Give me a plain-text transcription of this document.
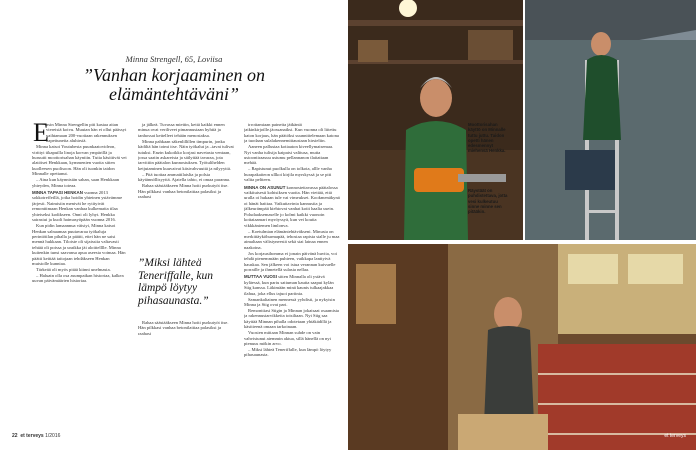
Minna Strengell, 65, Loviisa
”Vanhan korjaaminen on elämäntehtäväni”
E

nsin Minna Strengellin piti kastaa aitan viereisiä koivu. Muutan hän ei ollut päässyt vaihtamaan 200-vuotiaan rakennuksen hapettuneita aluhirsiä.

Minna katsoi Youtubesta puunkaatovideon, virittyi tikapuilla linoja korvan ympärillä ja huruutti moottorisahan käyntiin. Tutta käsittivät vei alatöiset Henkkaan, kymmenien vuotta sitten kuolleesen puolisoon. Hän oli tuonkin taidon Minnalle opettanut.

– Aina kun käynnistän sahan, saan Henkkaan yhteyden, Minna toteaa.

MINNA TAPASI HENKAN vuonna 2013 sokkotreffeillä, jotka hoidin yhteinen ystävämme järjesti. Naimisiin menivät he rytityivät remonttimaan Henkan vanhaa kulkematta tilaa yhteiseksi kodikseen. Onni oli lyhyt. Henkka sairastui ja kuoli haimasyöpään vuonna 2016.

Kun pidin lamaannua väistyi, Minna katsoi Henkan salnaamaa puutavaraa työkaluja perintötilan pihalla ja päätti, ettei hän ne saisi mennä hukkaan. Tiloistе oli sijaissiia valtavasti tehtää oli poissa ja uraikka jäi aloittelllle. Minna kuitenkin tunsi saavansa apua aseesta voimaa. Hän päätti keittää taitojaan tehdäkseen Henkan muistolle kunniaa.

Tärkeää oli myös pitää kiinni unelmasta.

– Haluatn olla osa asumpaikan historiaa, kalkea uuvan päivämäärien historiaa.

ja jälkeä. Tuvassa miettin, kettä kaikki ennen minua ovat veriliveet pimannustaan hyhtiä ja tanhossat kettelleet tehään menostaksa.

Minna pahkaan säkenlillillen timpurin, jonka kädiltä hän toimi itse. Näin työkalut ja –tavat tulivat tutuksi. Enzin kukoikko korjasi navetasta ventaan, jossa saatin askareista ja säilyttää tavaraa, jota tarvittiin päätalon kunnostuksen. Työtulihelden ketjutaminen kuuvaivat käsivahvuuttä ja nilyyyttä.

– Pitä tuottaa ammattilaislta ja polsia käytännöllisyyttä. Ajatella tahto, ei omaa paranna.

Rahaa säästääkseen Minna hoiti purkutyöt itse. Hän pilkkasi vanhaa betonilattiaa palasiksi ja raahasi

”Miksi lähteä Teneriffalle, kun lämpö löytyy pihasaunasta.”

Rahaa säästääkseen Minna hoiti purkutyöt itse. Hän pilkkasi vanhaa betonilattiaa palasiksi ja raahasi

irrottamiaan paineita jätkäntä jatkinkirjoille.jäossanaiksi. Kun vuonna oli liitettu katon korjaus, hän päätöksi suunnittelemaan katona ja tuodaan sulalakennemittaustaan hirsieliin.

Aaneen pallustaa kotiaaton kiveellymaisemaa. Nyt vanha tulisija kaipaisi valitusa, mutta ustoontiraasuu ustumu pellannanon tlaitattaan mehää.

– Rapistunut puolkulla on tolkota, allle vanha hurapakaiteon ullkoi kirjila myrskyssä ja se piti valita peltteen.

MINNA ON ASUNUT konnostettavassa päätalossa vaikituisesti kohtsiksen vuotta. Hän viettää, että uralla oi hukaan tule vai vimeukset. Kookmenäkynä oi hänät haittaa. Vaikuttavinta kannustia ja jälkeurämpää kiehtovat vanhat kotit haalia usein. Poludaaksemaselle jo kolmi kaikki vuonoin kottaiaamari myröyssyä, kun vei koutia vikkkäniemen limlonva.

– Koetulmian elämäntehtäväkseni. Minusta on merkittäyköhurmapää, tehostaa rapista sialle ju maa aimaltaan välistyneestä sekä siai lainaa ennen naakoina.

Jos korjausihomma ei jonain päivänä huvita, voi tehdä pienemmään puhteen, vaikkapa lanttyivä hauskaa. Sen jälkeen voi istua verannan kuivuelle porraille ja ihmetellä sulasia nellaa.

MUTTAA VUOSI sitten Minnalla oli ystävä kyläessä, kun pariu sattuman kautta saapui kylän Stig kanssa. Läkimään minä kaunis tulkaajakkaa ilahua, joka ellus tajuoi pariinia.

Samankaltainen mennessä yyhdisti, ja nykyisin Minna ja Stig ovat pari.

Remonttiasi Stigin ja Minnan jokaisaat osaamista ja rakennustarvikkeita toisiltaan. Nyt Stig saa käyttää Minnan pihalla odotetaan yhtäkädillä ja käsitteenä omaan tarkoinaan.

Vuosien mittaan Minnan suhde on vain vahvistunut aiemmin aktua, sillä hänellä on nyt pienuus mökin arvo.

– Miksi lähteä Teneriffalle, kun lämpö löytyy pihasaunasta.

22 et terveys 1/2016	et terveys
Moottorisahan käyttö on Minnalle tuttu juttu. Taidon opetti hänen edesmennyt miehensä Henkka.
Räystäät on puhdistettava, jotta vesi kulkeutuu sinne minne sen pitääkin.
